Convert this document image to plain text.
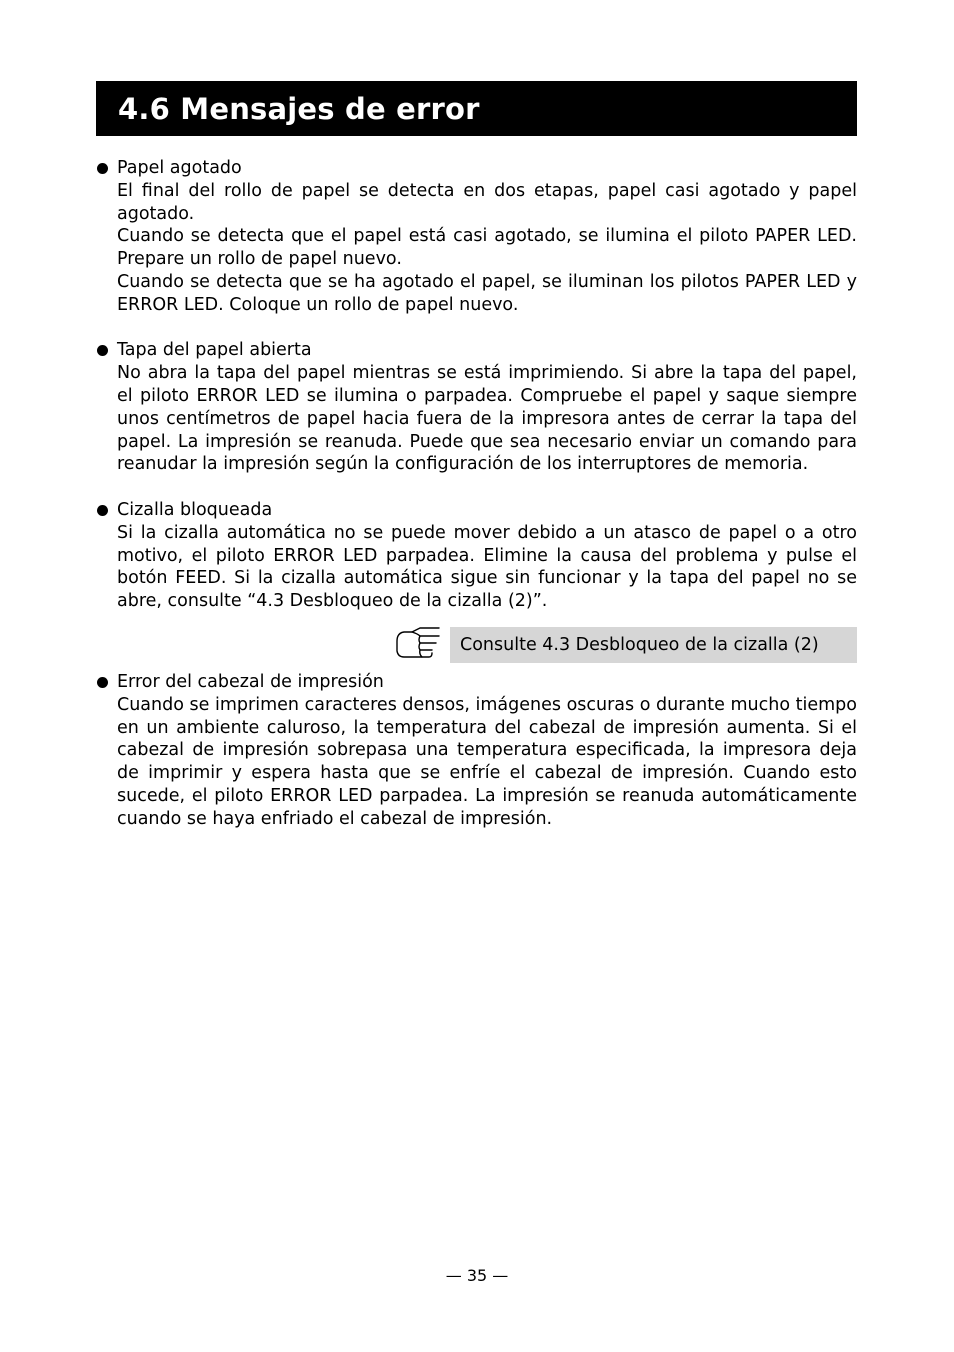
4.6 Mensajes de error

Papel agotado

El final del rollo de papel se detecta en dos etapas, papel casi agotado y papel agotado.

Cuando se detecta que el papel está casi agotado, se ilumina el piloto PAPER LED. Prepare un rollo de papel nuevo.

Cuando se detecta que se ha agotado el papel, se iluminan los pilotos PAPER LED y ERROR LED. Coloque un rollo de papel nuevo.

Tapa del papel abierta

No abra la tapa del papel mientras se está imprimiendo. Si abre la tapa del papel, el piloto ERROR LED se ilumina o parpadea. Compruebe el papel y saque siempre unos centímetros de papel hacia fuera de la impresora antes de cerrar la tapa del papel. La impresión se reanuda. Puede que sea necesario enviar un comando para reanudar la impresión según la configuración de los interruptores de memoria.

Cizalla bloqueada

Si la cizalla automática no se puede mover debido a un atasco de papel o a otro motivo, el piloto ERROR LED parpadea. Elimine la causa del problema y pulse el botón FEED. Si la cizalla automática sigue sin funcionar y la tapa del papel no se abre, consulte “4.3 Desbloqueo de la cizalla (2)”.

Consulte 4.3 Desbloqueo de la cizalla (2)

Error del cabezal de impresión

Cuando se imprimen caracteres densos, imágenes oscuras o durante mucho tiempo en un ambiente caluroso, la temperatura del cabezal de impresión aumenta. Si el cabezal de impresión sobrepasa una temperatura especificada, la impresora deja de imprimir y espera hasta que se enfríe el cabezal de impresión. Cuando esto sucede, el piloto ERROR LED parpadea. La impresión se reanuda automáticamente cuando se haya enfriado el cabezal de impresión.

— 35 —
